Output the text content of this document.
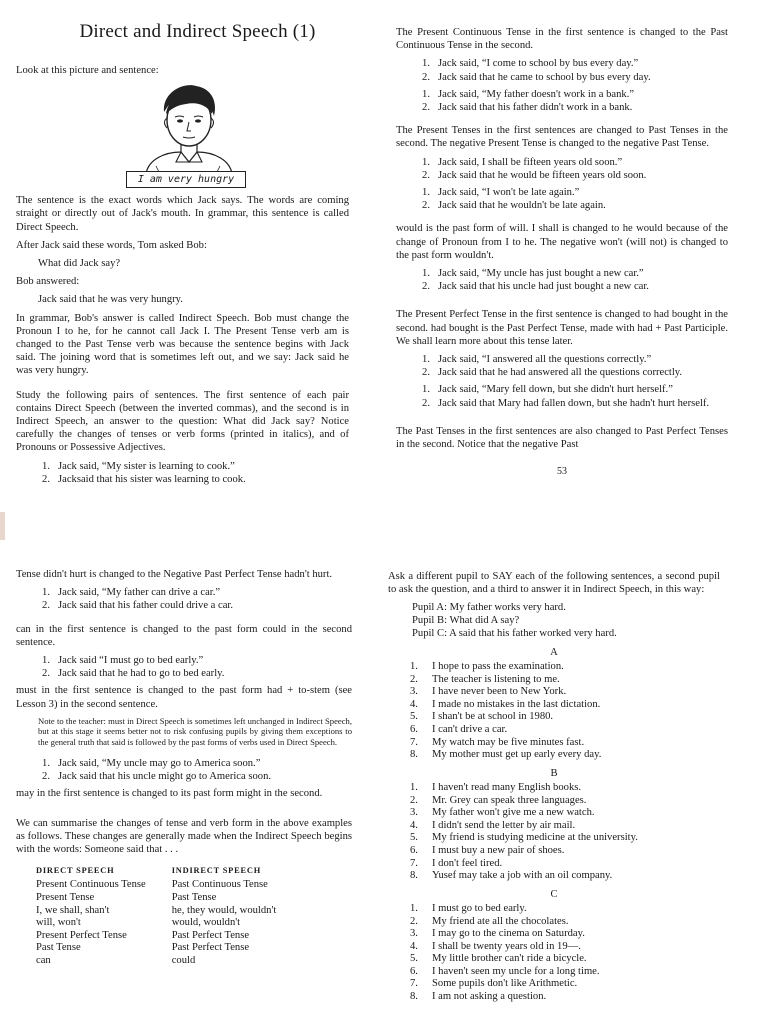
Direct and Indirect Speech (1)

Look at this picture and sentence:

I am very hungry

The sentence is the exact words which Jack says. The words are coming straight or directly out of Jack's mouth. In grammar, this sentence is called Direct Speech.

After Jack said these words, Tom asked Bob:

What did Jack say?

Bob answered:

Jack said that he was very hungry.

In grammar, Bob's answer is called Indirect Speech. Bob must change the Pronoun I to he, for he cannot call Jack I. The Present Tense verb am is changed to the Past Tense verb was because the sentence begins with Jack said. The joining word that is sometimes left out, and we say: Jack said he was very hungry.

Study the following pairs of sentences. The first sentence of each pair contains Direct Speech (between the inverted commas), and the second is in Indirect Speech, an answer to the question: What did Jack say? Notice carefully the changes of tenses or verb forms (printed in italics), and of Pronouns or Possessive Adjectives.

1. Jack said, “My sister is learning to cook.”
2. Jacksaid that his sister was learning to cook.

The Present Continuous Tense in the first sentence is changed to the Past Continuous Tense in the second.

1. Jack said, “I come to school by bus every day.”
2. Jack said that he came to school by bus every day.
1. Jack said, “My father doesn't work in a bank.”
2. Jack said that his father didn't work in a bank.

The Present Tenses in the first sentences are changed to Past Tenses in the second. The negative Present Tense is changed to the negative Past Tense.

1. Jack said, I shall be fifteen years old soon.”
2. Jack said that he would be fifteen years old soon.
1. Jack said, “I won't be late again.”
2. Jack said that he wouldn't be late again.

would is the past form of will. I shall is changed to he would because of the change of Pronoun from I to he. The negative won't (will not) is changed to the past form wouldn't.

1. Jack said, “My uncle has just bought a new car.”
2. Jack said that his uncle had just bought a new car.

The Present Perfect Tense in the first sentence is changed to had bought in the second. had bought is the Past Perfect Tense, made with had + Past Participle. We shall learn more about this tense later.

1. Jack said, “I answered all the questions correctly.”
2. Jack said that he had answered all the questions correctly.
1. Jack said, “Mary fell down, but she didn't hurt herself.”
2. Jack said that Mary had fallen down, but she hadn't hurt herself.

The Past Tenses in the first sentences are also changed to Past Perfect Tenses in the second. Notice that the negative Past

53

Tense didn't hurt is changed to the Negative Past Perfect Tense hadn't hurt.

1. Jack said, “My father can drive a car.”
2. Jack said that his father could drive a car.

can in the first sentence is changed to the past form could in the second sentence.

1. Jack said “I must go to bed early.”
2. Jack said that he had to go to bed early.

must in the first sentence is changed to the past form had + to-stem (see Lesson 3) in the second sentence.

Note to the teacher: must in Direct Speech is sometimes left unchanged in Indirect Speech, but at this stage it seems better not to risk confusing pupils by giving them exceptions to the general truth that said is followed by the past forms of verbs used in Direct Speech.
1. Jack said, “My uncle may go to America soon.”
2. Jack said that his uncle might go to America soon.

may in the first sentence is changed to its past form might in the second.

We can summarise the changes of tense and verb form in the above examples as follows. These changes are generally made when the Indirect Speech begins with the words: Someone said that . . .

DIRECT SPEECH	INDIRECT SPEECH
Present Continuous Tense	Past Continuous Tense
Present Tense	Past Tense
I, we shall, shan't	he, they would, wouldn't
will, won't	would, wouldn't
Present Perfect Tense	Past Perfect Tense
Past Tense	Past Perfect Tense
can	could

Ask a different pupil to SAY each of the following sentences, a second pupil to ask the question, and a third to answer it in Indirect Speech, in this way:

Pupil A: My father works very hard.
Pupil B: What did A say?
Pupil C: A said that his father worked very hard.
A
1.	I hope to pass the examination.
2.	The teacher is listening to me.
3.	I have never been to New York.
4.	I made no mistakes in the last dictation.
5.	I shan't be at school in 1980.
6.	I can't drive a car.
7.	My watch may be five minutes fast.
8.	My mother must get up early every day.
B
1.	I haven't read many English books.
2.	Mr. Grey can speak three languages.
3.	My father won't give me a new watch.
4.	I didn't send the letter by air mail.
5.	My friend is studying medicine at the university.
6.	I must buy a new pair of shoes.
7.	I don't feel tired.
8.	Yusef may take a job with an oil company.
C
1.	I must go to bed early.
2.	My friend ate all the chocolates.
3.	I may go to the cinema on Saturday.
4.	I shall be twenty years old in 19—.
5.	My little brother can't ride a bicycle.
6.	I haven't seen my uncle for a long time.
7.	Some pupils don't like Arithmetic.
8.	I am not asking a question.
